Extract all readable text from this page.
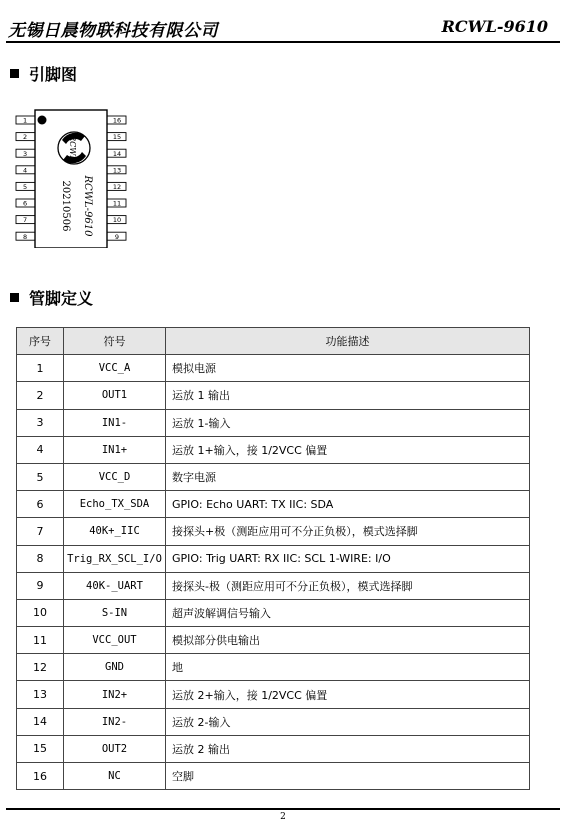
无锡日晨物联科技有限公司	RCWL-9610
引脚图
1
2
3
4
5
6
7
8
16
15
14
13
12
11
10
9
RCWL
RCWL-9610
20210506
管脚定义
序号	符号	功能描述
1	VCC_A	模拟电源
2	OUT1	运放 1 输出
3	IN1-	运放 1-输入
4	IN1+	运放 1+输入，接 1/2VCC 偏置
5	VCC_D	数字电源
6	Echo_TX_SDA	GPIO: Echo UART: TX IIC: SDA
7	40K+_IIC	接探头+极（测距应用可不分正负极），模式选择脚
8	Trig_RX_SCL_I/O	GPIO: Trig UART: RX IIC: SCL 1-WIRE: I/O
9	40K-_UART	接探头-极（测距应用可不分正负极），模式选择脚
10	S-IN	超声波解调信号输入
11	VCC_OUT	模拟部分供电输出
12	GND	地
13	IN2+	运放 2+输入，接 1/2VCC 偏置
14	IN2-	运放 2-输入
15	OUT2	运放 2 输出
16	NC	空脚
2
